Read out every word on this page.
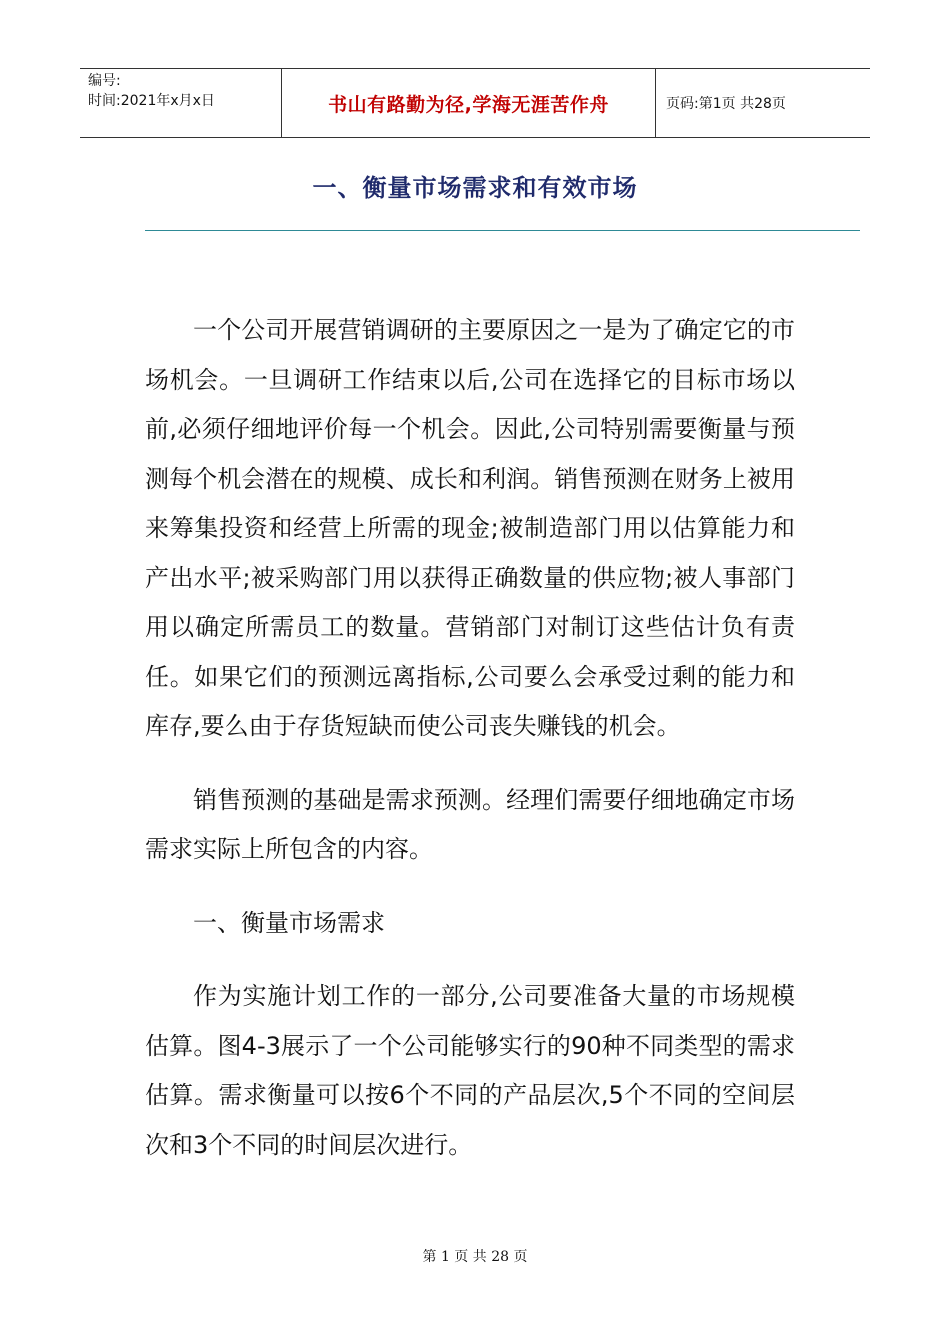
编号:
时间:2021年x月x日	书山有路勤为径,学海无涯苦作舟	页码:第1页 共28页
一、衡量市场需求和有效市场

一个公司开展营销调研的主要原因之一是为了确定它的市场机会。一旦调研工作结束以后,公司在选择它的目标市场以前,必须仔细地评价每一个机会。因此,公司特别需要衡量与预测每个机会潜在的规模、成长和利润。销售预测在财务上被用来筹集投资和经营上所需的现金;被制造部门用以估算能力和产出水平;被采购部门用以获得正确数量的供应物;被人事部门用以确定所需员工的数量。营销部门对制订这些估计负有责任。如果它们的预测远离指标,公司要么会承受过剩的能力和库存,要么由于存货短缺而使公司丧失赚钱的机会。

销售预测的基础是需求预测。经理们需要仔细地确定市场需求实际上所包含的内容。

一、衡量市场需求

作为实施计划工作的一部分,公司要准备大量的市场规模估算。图4-3展示了一个公司能够实行的90种不同类型的需求估算。需求衡量可以按6个不同的产品层次,5个不同的空间层次和3个不同的时间层次进行。

第 1 页 共 28 页
